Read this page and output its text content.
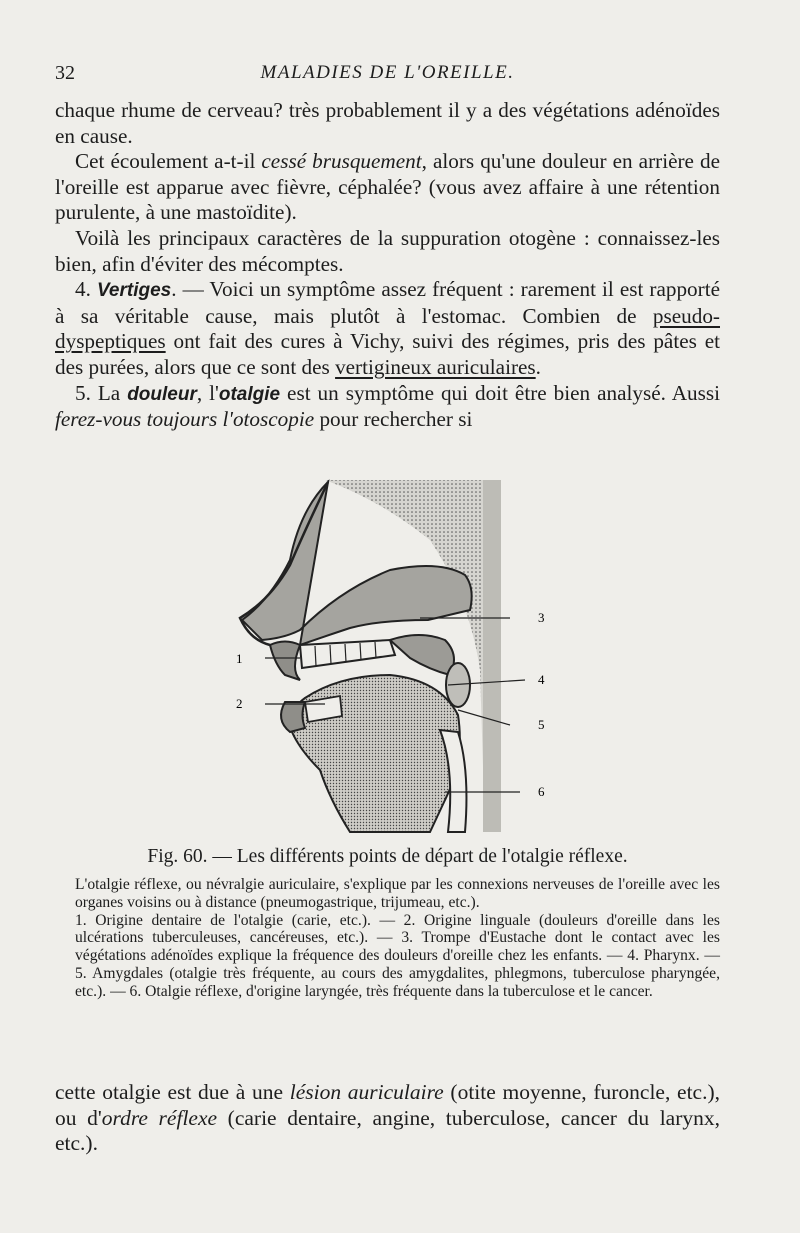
32	MALADIES DE L'OREILLE.

chaque rhume de cerveau? très probablement il y a des végétations adénoïdes en cause.

Cet écoulement a-t-il cessé brusquement, alors qu'une douleur en arrière de l'oreille est apparue avec fièvre, céphalée? (vous avez affaire à une rétention purulente, à une mastoïdite).

Voilà les principaux caractères de la suppuration otogène : connaissez-les bien, afin d'éviter des mécomptes.

4. Vertiges. — Voici un symptôme assez fréquent : rarement il est rapporté à sa véritable cause, mais plutôt à l'estomac. Combien de pseudo-dyspeptiques ont fait des cures à Vichy, suivi des régimes, pris des pâtes et des purées, alors que ce sont des vertigineux auriculaires.

5. La douleur, l'otalgie est un symptôme qui doit être bien analysé. Aussi ferez-vous toujours l'otoscopie pour rechercher si

1
2
3
4
5
6
Fig. 60. — Les différents points de départ de l'otalgie réflexe.

L'otalgie réflexe, ou névralgie auriculaire, s'explique par les connexions nerveuses de l'oreille avec les organes voisins ou à distance (pneumogastrique, trijumeau, etc.).

1. Origine dentaire de l'otalgie (carie, etc.). — 2. Origine linguale (douleurs d'oreille dans les ulcérations tuberculeuses, cancéreuses, etc.). — 3. Trompe d'Eustache dont le contact avec les végétations adénoïdes explique la fréquence des douleurs d'oreille chez les enfants. — 4. Pharynx. — 5. Amygdales (otalgie très fréquente, au cours des amygdalites, phlegmons, tuberculose pharyngée, etc.). — 6. Otalgie réflexe, d'origine laryngée, très fréquente dans la tuberculose et le cancer.

cette otalgie est due à une lésion auriculaire (otite moyenne, furoncle, etc.), ou d'ordre réflexe (carie dentaire, angine, tuberculose, cancer du larynx, etc.).
